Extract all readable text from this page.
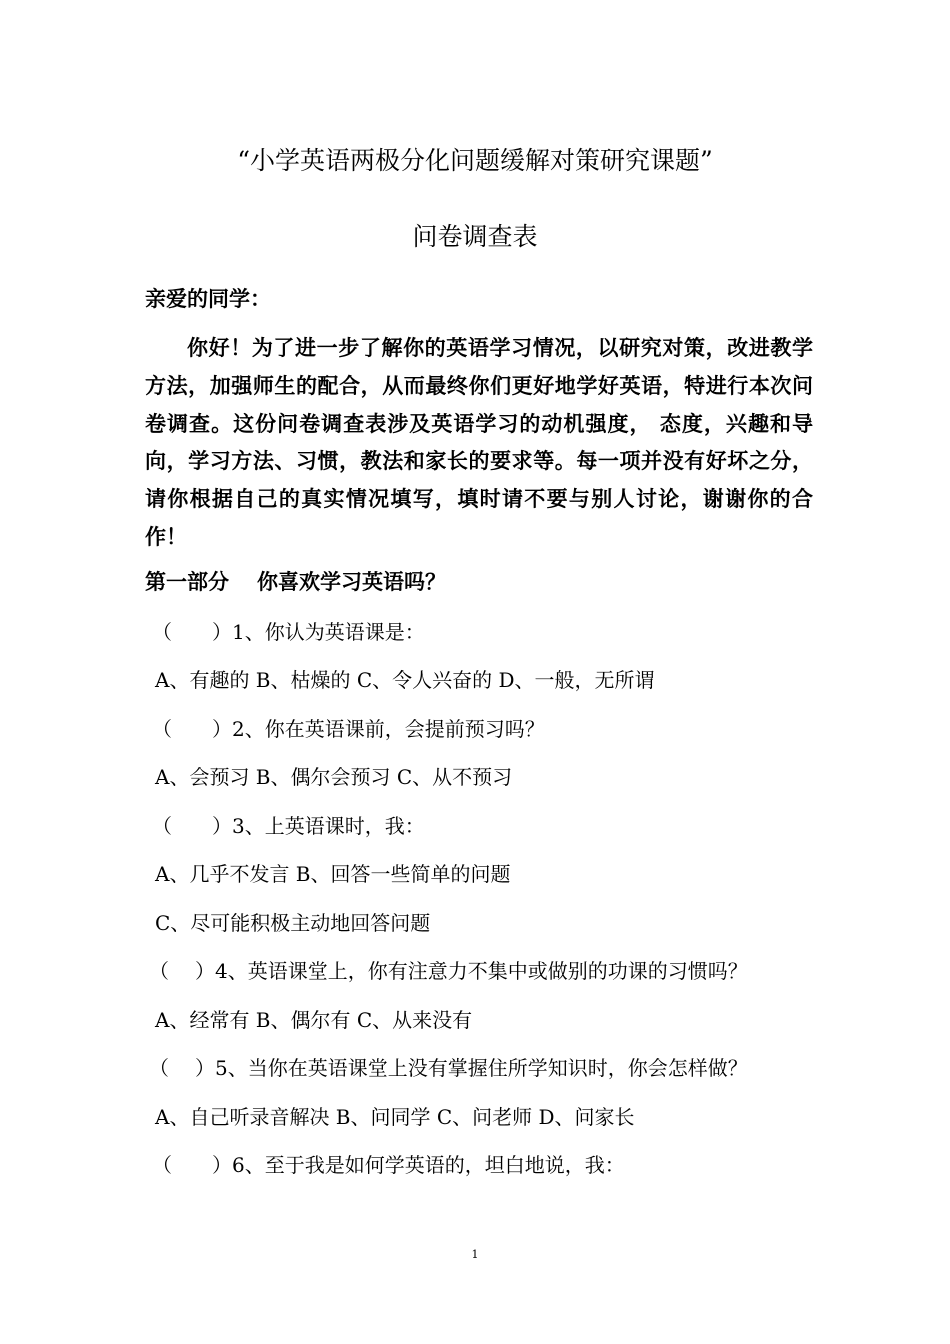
“小学英语两极分化问题缓解对策研究课题”
问卷调查表
亲爱的同学：
你好！为了进一步了解你的英语学习情况，以研究对策，改进教学方法，加强师生的配合，从而最终你们更好地学好英语，特进行本次问卷调查。这份问卷调查表涉及英语学习的动机强度， 态度，兴趣和导向，学习方法、习惯，教法和家长的要求等。每一项并没有好坏之分，请你根据自己的真实情况填写，填时请不要与别人讨论，谢谢你的合作！
第一部分 你喜欢学习英语吗？
（ ）1、你认为英语课是：
A、有趣的 B、枯燥的 C、令人兴奋的 D、一般，无所谓
（ ）2、你在英语课前，会提前预习吗？
A、会预习 B、偶尔会预习 C、从不预习
（ ）3、上英语课时，我：
A、几乎不发言 B、回答一些简单的问题
C、尽可能积极主动地回答问题
（ ）4、英语课堂上，你有注意力不集中或做别的功课的习惯吗？
A、经常有 B、偶尔有 C、从来没有
（ ）5、当你在英语课堂上没有掌握住所学知识时，你会怎样做？
A、自己听录音解决 B、问同学 C、问老师 D、问家长
（ ）6、至于我是如何学英语的，坦白地说，我：
1
